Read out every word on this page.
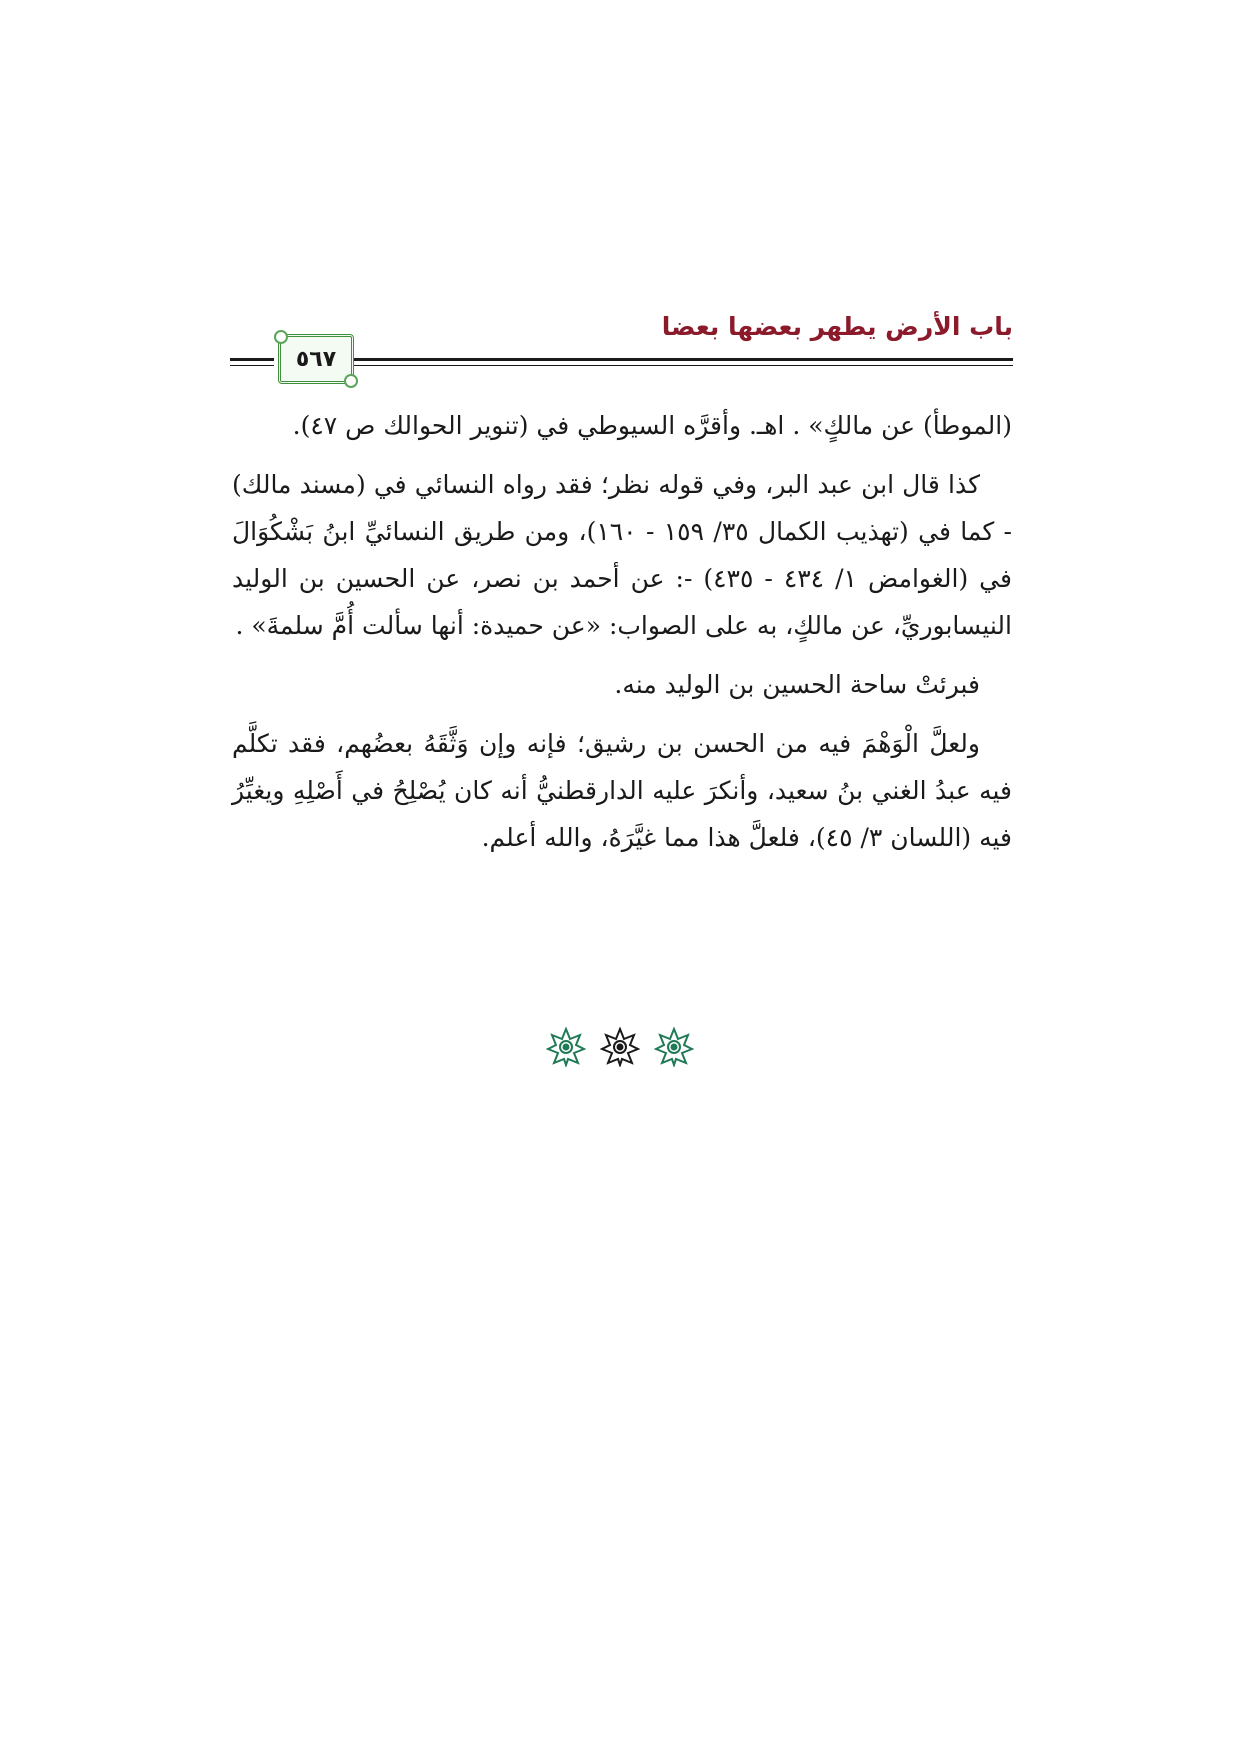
باب الأرض يطهر بعضها بعضا
٥٦٧

(الموطأ) عن مالكٍ» . اهـ. وأقرَّه السيوطي في (تنوير الحوالك ص ٤٧).

كذا قال ابن عبد البر، وفي قوله نظر؛ فقد رواه النسائي في (مسند مالك) - كما في (تهذيب الكمال ٣٥/ ١٥٩ - ١٦٠)، ومن طريق النسائيِّ ابنُ بَشْكُوَالَ في (الغوامض ١/ ٤٣٤ - ٤٣٥) -: عن أحمد بن نصر، عن الحسين بن الوليد النيسابوريِّ، عن مالكٍ، به على الصواب: «عن حميدة: أنها سألت أُمَّ سلمةَ» .

فبرئتْ ساحة الحسين بن الوليد منه.

ولعلَّ الْوَهْمَ فيه من الحسن بن رشيق؛ فإنه وإن وَثَّقَهُ بعضُهم، فقد تكلَّم فيه عبدُ الغني بنُ سعيد، وأنكرَ عليه الدارقطنيُّ أنه كان يُصْلِحُ في أَصْلِهِ ويغيِّرُ فيه (اللسان ٣/ ٤٥)، فلعلَّ هذا مما غيَّرَهُ، والله أعلم.
